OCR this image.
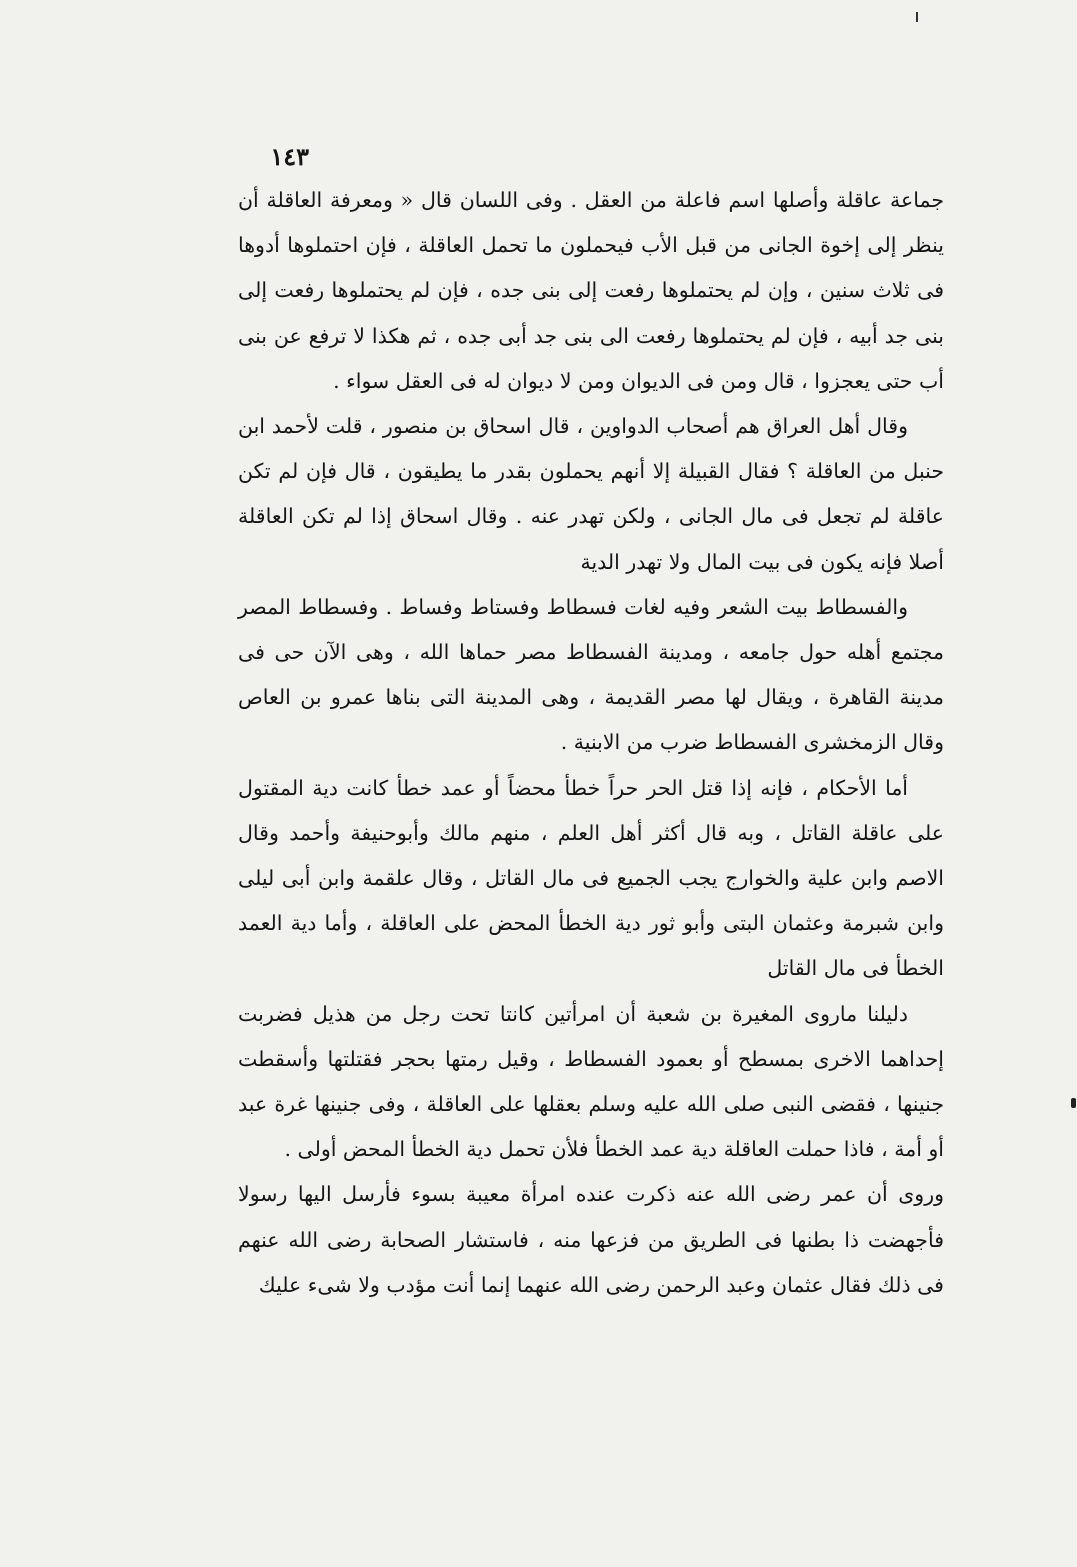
١٤٣

جماعة عاقلة وأصلها اسم فاعلة من العقل . وفى اللسان قال « ومعرفة العاقلة أن ينظر إلى إخوة الجانى من قبل الأب فيحملون ما تحمل العاقلة ، فإن احتملوها أدوها فى ثلاث سنين ، وإن لم يحتملوها رفعت إلى بنى جده ، فإن لم يحتملوها رفعت إلى بنى جد أبيه ، فإن لم يحتملوها رفعت الى بنى جد أبى جده ، ثم هكذا لا ترفع عن بنى أب حتى يعجزوا ، قال ومن فى الديوان ومن لا ديوان له فى العقل سواء .

وقال أهل العراق هم أصحاب الدواوين ، قال اسحاق بن منصور ، قلت لأحمد ابن حنبل من العاقلة ؟ فقال القبيلة إلا أنهم يحملون بقدر ما يطيقون ، قال فإن لم تكن عاقلة لم تجعل فى مال الجانى ، ولكن تهدر عنه . وقال اسحاق إذا لم تكن العاقلة أصلا فإنه يكون فى بيت المال ولا تهدر الدية

والفسطاط بيت الشعر وفيه لغات فسطاط وفستاط وفساط . وفسطاط المصر مجتمع أهله حول جامعه ، ومدينة الفسطاط مصر حماها الله ، وهى الآن حى فى مدينة القاهرة ، ويقال لها مصر القديمة ، وهى المدينة التى بناها عمرو بن العاص وقال الزمخشرى الفسطاط ضرب من الابنية .

أما الأحكام ، فإنه إذا قتل الحر حراً خطأ محضاً أو عمد خطأ كانت دية المقتول على عاقلة القاتل ، وبه قال أكثر أهل العلم ، منهم مالك وأبوحنيفة وأحمد وقال الاصم وابن علية والخوارج يجب الجميع فى مال القاتل ، وقال علقمة وابن أبى ليلى وابن شبرمة وعثمان البتى وأبو ثور دية الخطأ المحض على العاقلة ، وأما دية العمد الخطأ فى مال القاتل

دليلنا ماروى المغيرة بن شعبة أن امرأتين كانتا تحت رجل من هذيل فضربت إحداهما الاخرى بمسطح أو بعمود الفسطاط ، وقيل رمتها بحجر فقتلتها وأسقطت جنينها ، فقضى النبى صلى الله عليه وسلم بعقلها على العاقلة ، وفى جنينها غرة عبد أو أمة ، فاذا حملت العاقلة دية عمد الخطأ فلأن تحمل دية الخطأ المحض أولى .

وروى أن عمر رضى الله عنه ذكرت عنده امرأة معيبة بسوء فأرسل اليها رسولا فأجهضت ذا بطنها فى الطريق من فزعها منه ، فاستشار الصحابة رضى الله عنهم فى ذلك فقال عثمان وعبد الرحمن رضى الله عنهما إنما أنت مؤدب ولا شىء عليك
